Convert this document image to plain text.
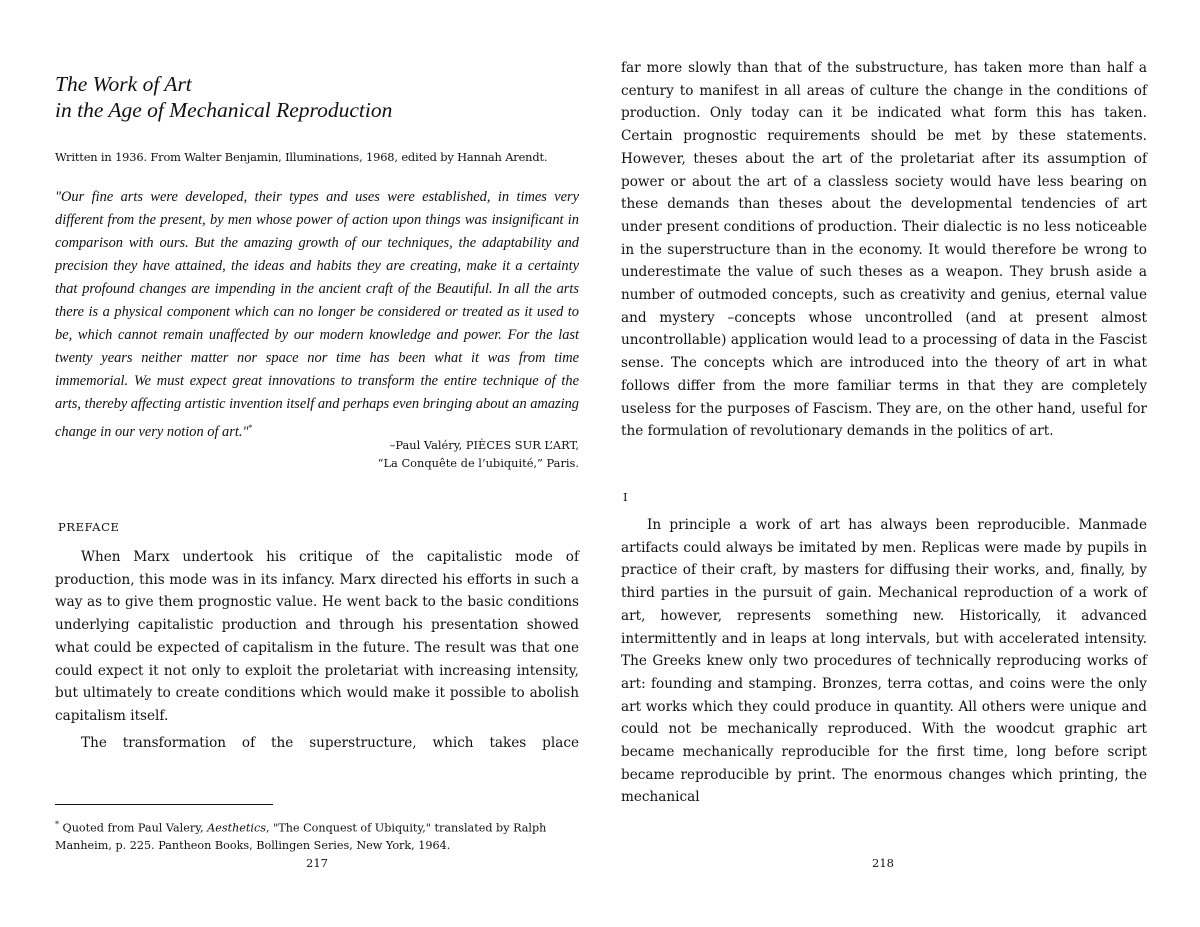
The Work of Art
in the Age of Mechanical Reproduction
Written in 1936. From Walter Benjamin, Illuminations, 1968, edited by Hannah Arendt.

"Our fine arts were developed, their types and uses were established, in times very different from the present, by men whose power of action upon things was insignificant in comparison with ours. But the amazing growth of our techniques, the adaptability and precision they have attained, the ideas and habits they are creating, make it a certainty that profound changes are impending in the ancient craft of the Beautiful. In all the arts there is a physical component which can no longer be considered or treated as it used to be, which cannot remain unaffected by our modern knowledge and power. For the last twenty years neither matter nor space nor time has been what it was from time immemorial. We must expect great innovations to transform the entire technique of the arts, thereby affecting artistic invention itself and perhaps even bringing about an amazing change in our very notion of art."*

–Paul Valéry, PIÈCES SUR L’ART,
“La Conquête de l’ubiquité,” Paris.
PREFACE

When Marx undertook his critique of the capitalistic mode of production, this mode was in its infancy. Marx directed his efforts in such a way as to give them prognostic value. He went back to the basic conditions underlying capitalistic production and through his presentation showed what could be expected of capitalism in the future. The result was that one could expect it not only to exploit the proletariat with increasing intensity, but ultimately to create conditions which would make it possible to abolish capitalism itself.

The transformation of the superstructure, which takes place

* Quoted from Paul Valery, Aesthetics, "The Conquest of Ubiquity," translated by Ralph Manheim, p. 225. Pantheon Books, Bollingen Series, New York, 1964.

217

far more slowly than that of the substructure, has taken more than half a century to manifest in all areas of culture the change in the conditions of production. Only today can it be indicated what form this has taken. Certain prognostic requirements should be met by these statements. However, theses about the art of the proletariat after its assumption of power or about the art of a classless society would have less bearing on these demands than theses about the developmental tendencies of art under present conditions of production. Their dialectic is no less noticeable in the superstructure than in the economy. It would therefore be wrong to underestimate the value of such theses as a weapon. They brush aside a number of outmoded concepts, such as creativity and genius, eternal value and mystery –concepts whose uncontrolled (and at present almost uncontrollable) application would lead to a processing of data in the Fascist sense. The concepts which are introduced into the theory of art in what follows differ from the more familiar terms in that they are completely useless for the purposes of Fascism. They are, on the other hand, useful for the formulation of revolutionary demands in the politics of art.

I

In principle a work of art has always been reproducible. Manmade artifacts could always be imitated by men. Replicas were made by pupils in practice of their craft, by masters for diffusing their works, and, finally, by third parties in the pursuit of gain. Mechanical reproduction of a work of art, however, represents something new. Historically, it advanced intermittently and in leaps at long intervals, but with accelerated intensity. The Greeks knew only two procedures of technically reproducing works of art: founding and stamping. Bronzes, terra cottas, and coins were the only art works which they could produce in quantity. All others were unique and could not be mechanically reproduced. With the woodcut graphic art became mechanically reproducible for the first time, long before script became reproducible by print. The enormous changes which printing, the mechanical

218
